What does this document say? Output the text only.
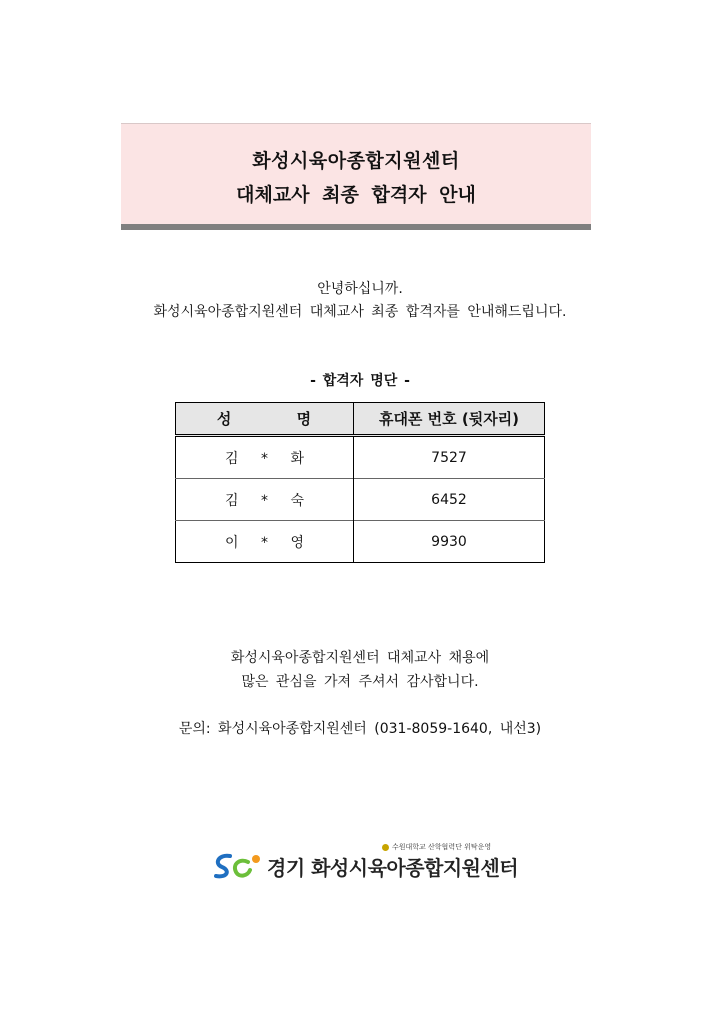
화성시육아종합지원센터
대체교사 최종 합격자 안내
안녕하십니까.
화성시육아종합지원센터 대체교사 최종 합격자를 안내해드립니다.
- 합격자 명단 -
성 명	휴대폰 번호 (뒷자리)
김 * 화	7527
김 * 숙	6452
이 * 영	9930
화성시육아종합지원센터 대체교사 채용에
많은 관심을 가져 주셔서 감사합니다.
문의: 화성시육아종합지원센터 (031-8059-1640, 내선3)
수원대학교 산학협력단 위탁운영
경기 화성시육아종합지원센터
